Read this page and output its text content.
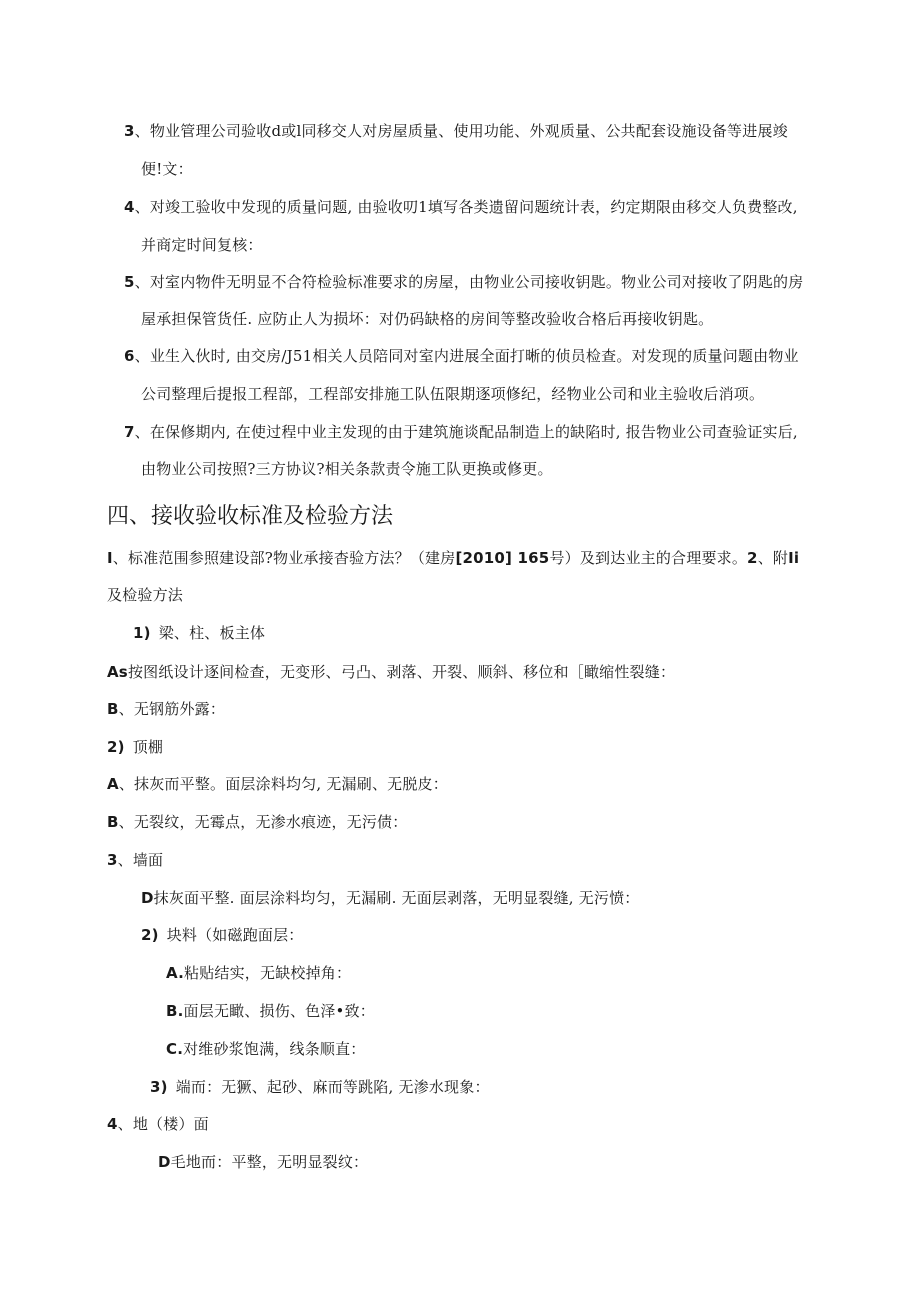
3、物业管理公司验收d或l同移交人对房屋质量、使用功能、外观质量、公共配套设施设备等进展竣
便!文：
4、对竣工验收中发现的质量问题, 由验收叨1填写各类遗留问题统计表，约定期限由移交人负费整改,
并商定时间复核：
5、对室内物件无明显不合符检验标准要求的房屋，由物业公司接收钥匙。物业公司对接收了阴匙的房
屋承担保管货任. 应防止人为损坏：对仍码缺格的房间等整改验收合格后再接收钥匙。
6、业生入伙时, 由交房/J51相关人员陪同对室内进展全面打晰的侦员检查。对发现的质量问题由物业
公司整理后提报工程部，工程部安排施工队伍限期逐项修纪，经物业公司和业主验收后消项。
7、在保修期内, 在使过程中业主发现的由于建筑施谈配品制造上的缺陷时, 报告物业公司查验证实后,
由物业公司按照?三方协议?相关条款责令施工队更换或修更。
四、接收验收标准及检验方法
I、标准范围参照建设部?物业承接杳验方法？（建房[2010] 165号）及到达业主的合理要求。2、附Ii
及检验方法
1) 梁、柱、板主体
As按图纸设计逐间检查，无变形、弓凸、剥落、开裂、顺斜、移位和［瞰缩性裂缝：
B、无钢筋外露：
2) 顶棚
A、抹灰而平整。面层涂料均匀, 无漏刷、无脱皮：
B、无裂纹，无霉点，无渗水痕迹，无污债：
3、墙面
D抹灰面平整. 面层涂料均匀，无漏刷. 无面层剥落，无明显裂缝, 无污愤：
2) 块料（如磁跑面层：
A.粘贴结实，无缺校掉角：
B.面层无瞰、损伤、色泽•致：
C.对维砂浆饱满，线条顺直：
3) 端而：无獗、起砂、麻而等跳陷, 无渗水现象：
4、地（楼）面
D毛地而：平整，无明显裂纹：
